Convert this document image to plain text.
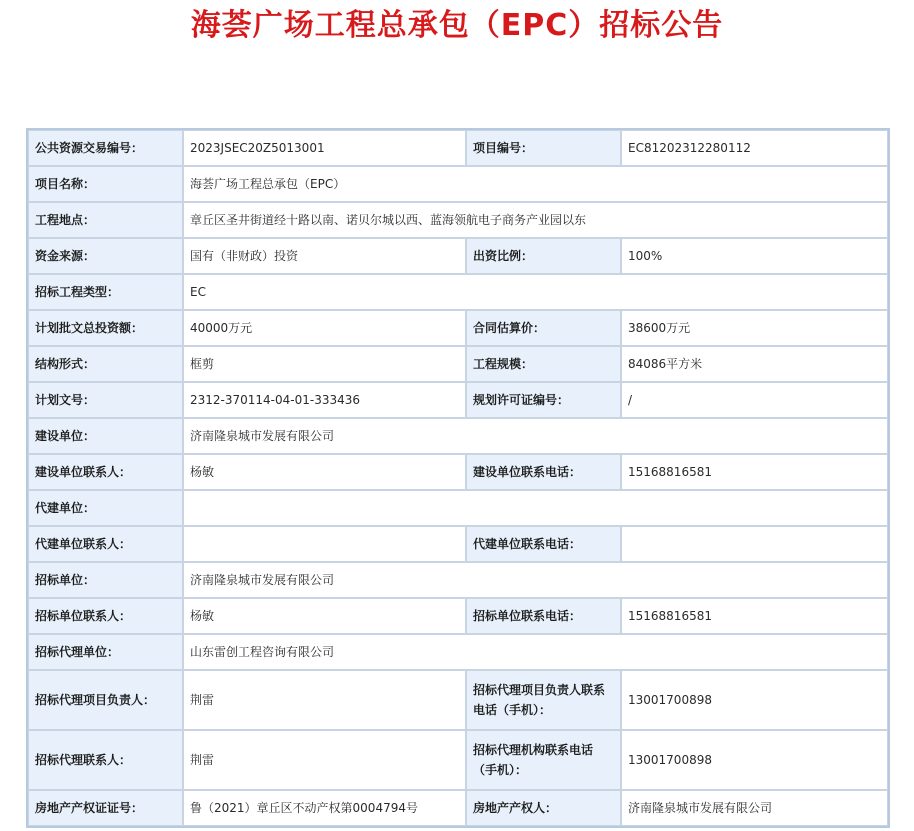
海荟广场工程总承包（EPC）招标公告
公共资源交易编号：	2023JSEC20Z5013001	项目编号：	EC81202312280112
项目名称：	海荟广场工程总承包（EPC）		
工程地点：	章丘区圣井街道经十路以南、诺贝尔城以西、蓝海领航电子商务产业园以东		
资金来源：	国有（非财政）投资	出资比例：	100%
招标工程类型：	EC		
计划批文总投资额：	40000万元	合同估算价：	38600万元
结构形式：	框剪	工程规模：	84086平方米
计划文号：	2312-370114-04-01-333436	规划许可证编号：	/
建设单位：	济南隆泉城市发展有限公司		
建设单位联系人：	杨敏	建设单位联系电话：	15168816581
代建单位：			
代建单位联系人：		代建单位联系电话：	
招标单位：	济南隆泉城市发展有限公司		
招标单位联系人：	杨敏	招标单位联系电话：	15168816581
招标代理单位：	山东雷创工程咨询有限公司		
招标代理项目负责人：	荆雷	招标代理项目负责人联系电话（手机）：	13001700898
招标代理联系人：	荆雷	招标代理机构联系电话（手机）：	13001700898
房地产产权证证号：	鲁（2021）章丘区不动产权第0004794号	房地产产权人：	济南隆泉城市发展有限公司
